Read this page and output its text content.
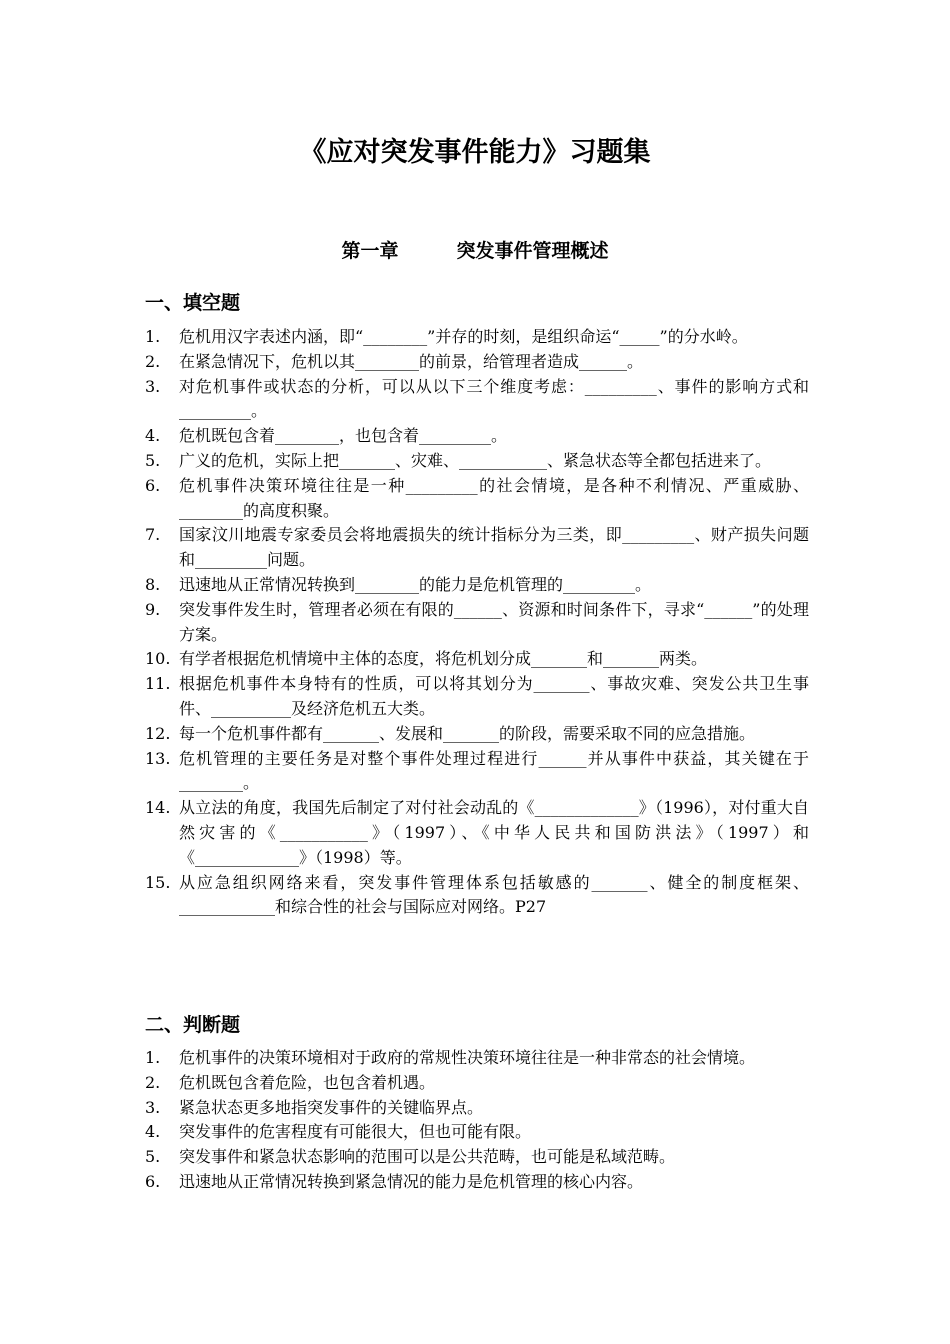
《应对突发事件能力》习题集
第一章	突发事件管理概述
一、填空题
1.	危机用汉字表述内涵，即“________”并存的时刻，是组织命运“_____”的分水岭。
2.	在紧急情况下，危机以其________的前景，给管理者造成______。
3.	对危机事件或状态的分析，可以从以下三个维度考虑：_________、事件的影响方式和_________。
4.	危机既包含着________，也包含着_________。
5.	广义的危机，实际上把_______、灾难、___________、紧急状态等全都包括进来了。
6.	危机事件决策环境往往是一种_________的社会情境，是各种不利情况、严重威胁、________的高度积聚。
7.	国家汶川地震专家委员会将地震损失的统计指标分为三类，即_________、财产损失问题和_________问题。
8.	迅速地从正常情况转换到________的能力是危机管理的_________。
9.	突发事件发生时，管理者必须在有限的______、资源和时间条件下，寻求“______”的处理方案。
10. 有学者根据危机情境中主体的态度，将危机划分成_______和_______两类。
11. 根据危机事件本身特有的性质，可以将其划分为_______、事故灾难、突发公共卫生事件、__________及经济危机五大类。
12. 每一个危机事件都有_______、发展和_______的阶段，需要采取不同的应急措施。
13. 危机管理的主要任务是对整个事件处理过程进行______并从事件中获益，其关键在于________。
14. 从立法的角度，我国先后制定了对付社会动乱的《_____________》（1996），对付重大自然灾害的《___________》（1997）、《中华人民共和国防洪法》（1997）和《_____________》（1998）等。
15. 从应急组织网络来看，突发事件管理体系包括敏感的_______、健全的制度框架、____________和综合性的社会与国际应对网络。P27
二、判断题
1.	危机事件的决策环境相对于政府的常规性决策环境往往是一种非常态的社会情境。
2.	危机既包含着危险，也包含着机遇。
3.	紧急状态更多地指突发事件的关键临界点。
4.	突发事件的危害程度有可能很大，但也可能有限。
5.	突发事件和紧急状态影响的范围可以是公共范畴，也可能是私域范畴。
6.	迅速地从正常情况转换到紧急情况的能力是危机管理的核心内容。
